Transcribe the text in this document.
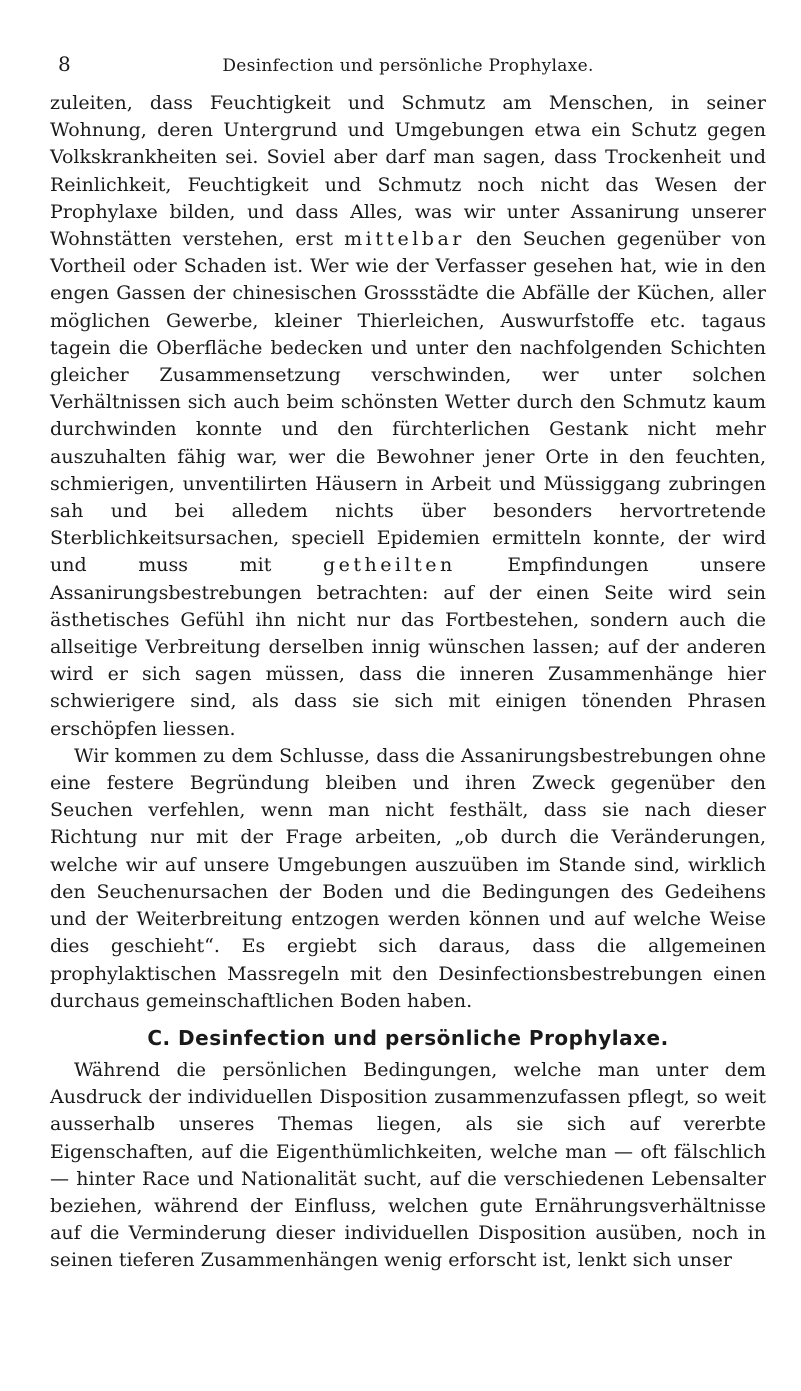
8	Desinfection und persönliche Prophylaxe.

zuleiten, dass Feuchtigkeit und Schmutz am Menschen, in seiner Wohnung, deren Untergrund und Umgebungen etwa ein Schutz gegen Volkskrankheiten sei. Soviel aber darf man sagen, dass Trockenheit und Reinlichkeit, Feuchtigkeit und Schmutz noch nicht das Wesen der Prophylaxe bilden, und dass Alles, was wir unter Assanirung unserer Wohnstätten verstehen, erst mittelbar den Seuchen gegenüber von Vortheil oder Schaden ist. Wer wie der Verfasser gesehen hat, wie in den engen Gassen der chinesischen Grossstädte die Abfälle der Küchen, aller möglichen Gewerbe, kleiner Thierleichen, Auswurfstoffe etc. tagaus tagein die Oberfläche bedecken und unter den nachfolgenden Schichten gleicher Zusammensetzung verschwinden, wer unter solchen Verhältnissen sich auch beim schönsten Wetter durch den Schmutz kaum durchwinden konnte und den fürchterlichen Gestank nicht mehr auszuhalten fähig war, wer die Bewohner jener Orte in den feuchten, schmierigen, unventilirten Häusern in Arbeit und Müssiggang zubringen sah und bei alledem nichts über besonders hervortretende Sterblichkeitsursachen, speciell Epidemien ermitteln konnte, der wird und muss mit getheilten Empfindungen unsere Assanirungsbestrebungen betrachten: auf der einen Seite wird sein ästhetisches Gefühl ihn nicht nur das Fortbestehen, sondern auch die allseitige Verbreitung derselben innig wünschen lassen; auf der anderen wird er sich sagen müssen, dass die inneren Zusammenhänge hier schwierigere sind, als dass sie sich mit einigen tönenden Phrasen erschöpfen liessen.

Wir kommen zu dem Schlusse, dass die Assanirungsbestrebungen ohne eine festere Begründung bleiben und ihren Zweck gegenüber den Seuchen verfehlen, wenn man nicht festhält, dass sie nach dieser Richtung nur mit der Frage arbeiten, „ob durch die Veränderungen, welche wir auf unsere Umgebungen auszuüben im Stande sind, wirklich den Seuchenursachen der Boden und die Bedingungen des Gedeihens und der Weiterbreitung entzogen werden können und auf welche Weise dies geschieht“. Es ergiebt sich daraus, dass die allgemeinen prophylaktischen Massregeln mit den Desinfectionsbestrebungen einen durchaus gemeinschaftlichen Boden haben.

C. Desinfection und persönliche Prophylaxe.

Während die persönlichen Bedingungen, welche man unter dem Ausdruck der individuellen Disposition zusammenzufassen pflegt, so weit ausserhalb unseres Themas liegen, als sie sich auf vererbte Eigenschaften, auf die Eigenthümlichkeiten, welche man — oft fälschlich — hinter Race und Nationalität sucht, auf die verschiedenen Lebensalter beziehen, während der Einfluss, welchen gute Ernährungsverhältnisse auf die Verminderung dieser individuellen Disposition ausüben, noch in seinen tieferen Zusammenhängen wenig erforscht ist, lenkt sich unser
